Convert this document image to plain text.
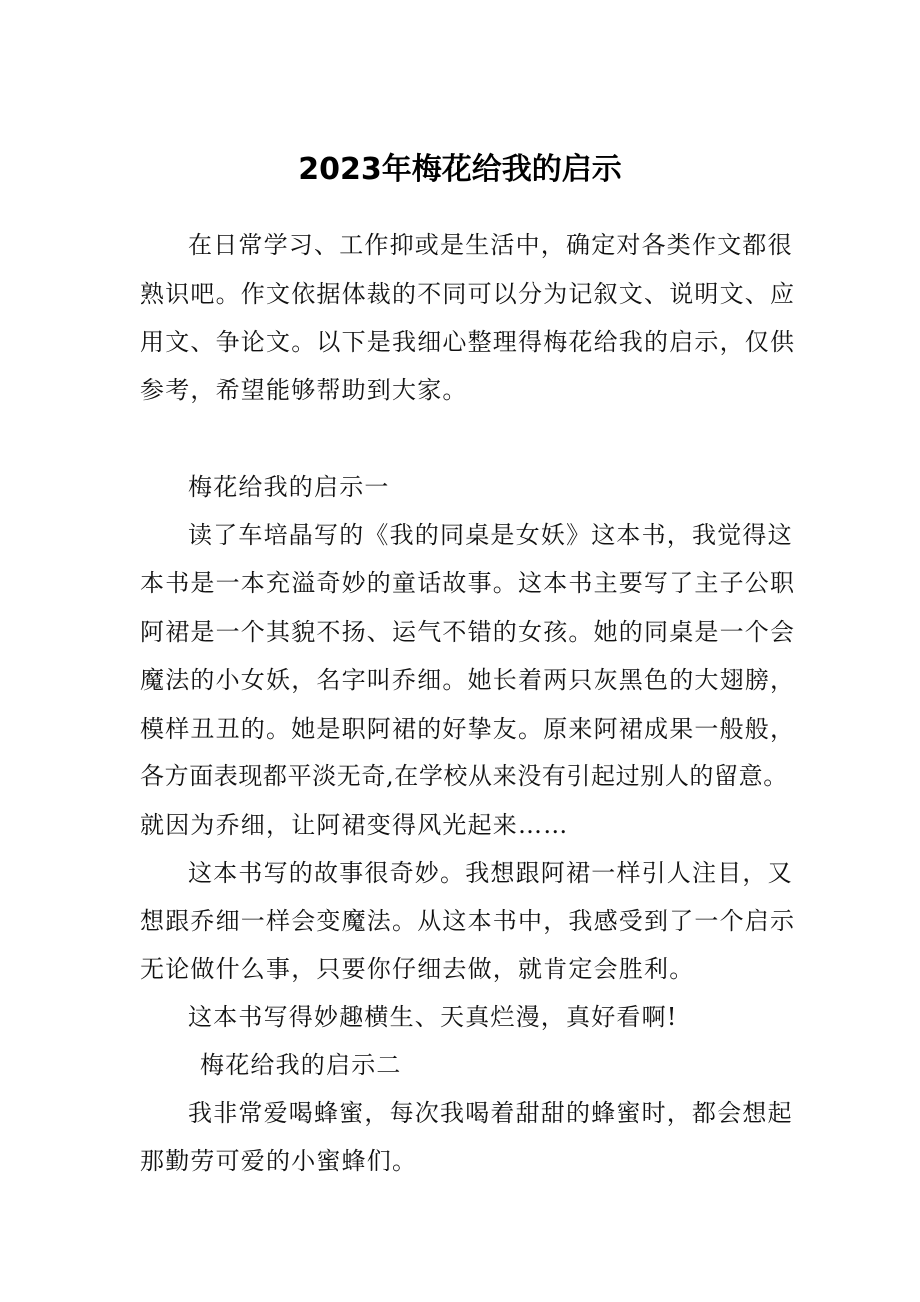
2023年梅花给我的启示
在日常学习、工作抑或是生活中，确定对各类作文都很
熟识吧。作文依据体裁的不同可以分为记叙文、说明文、应
用文、争论文。以下是我细心整理得梅花给我的启示，仅供
参考，希望能够帮助到大家。
梅花给我的启示一
读了车培晶写的《我的同桌是女妖》这本书，我觉得这
本书是一本充溢奇妙的童话故事。这本书主要写了主子公职
阿裙是一个其貌不扬、运气不错的女孩。她的同桌是一个会
魔法的小女妖，名字叫乔细。她长着两只灰黑色的大翅膀，
模样丑丑的。她是职阿裙的好挚友。原来阿裙成果一般般，
各方面表现都平淡无奇,在学校从来没有引起过别人的留意。
就因为乔细，让阿裙变得风光起来……
这本书写的故事很奇妙。我想跟阿裙一样引人注目，又
想跟乔细一样会变魔法。从这本书中，我感受到了一个启示
无论做什么事，只要你仔细去做，就肯定会胜利。
这本书写得妙趣横生、天真烂漫，真好看啊!
梅花给我的启示二
我非常爱喝蜂蜜，每次我喝着甜甜的蜂蜜时，都会想起
那勤劳可爱的小蜜蜂们。
